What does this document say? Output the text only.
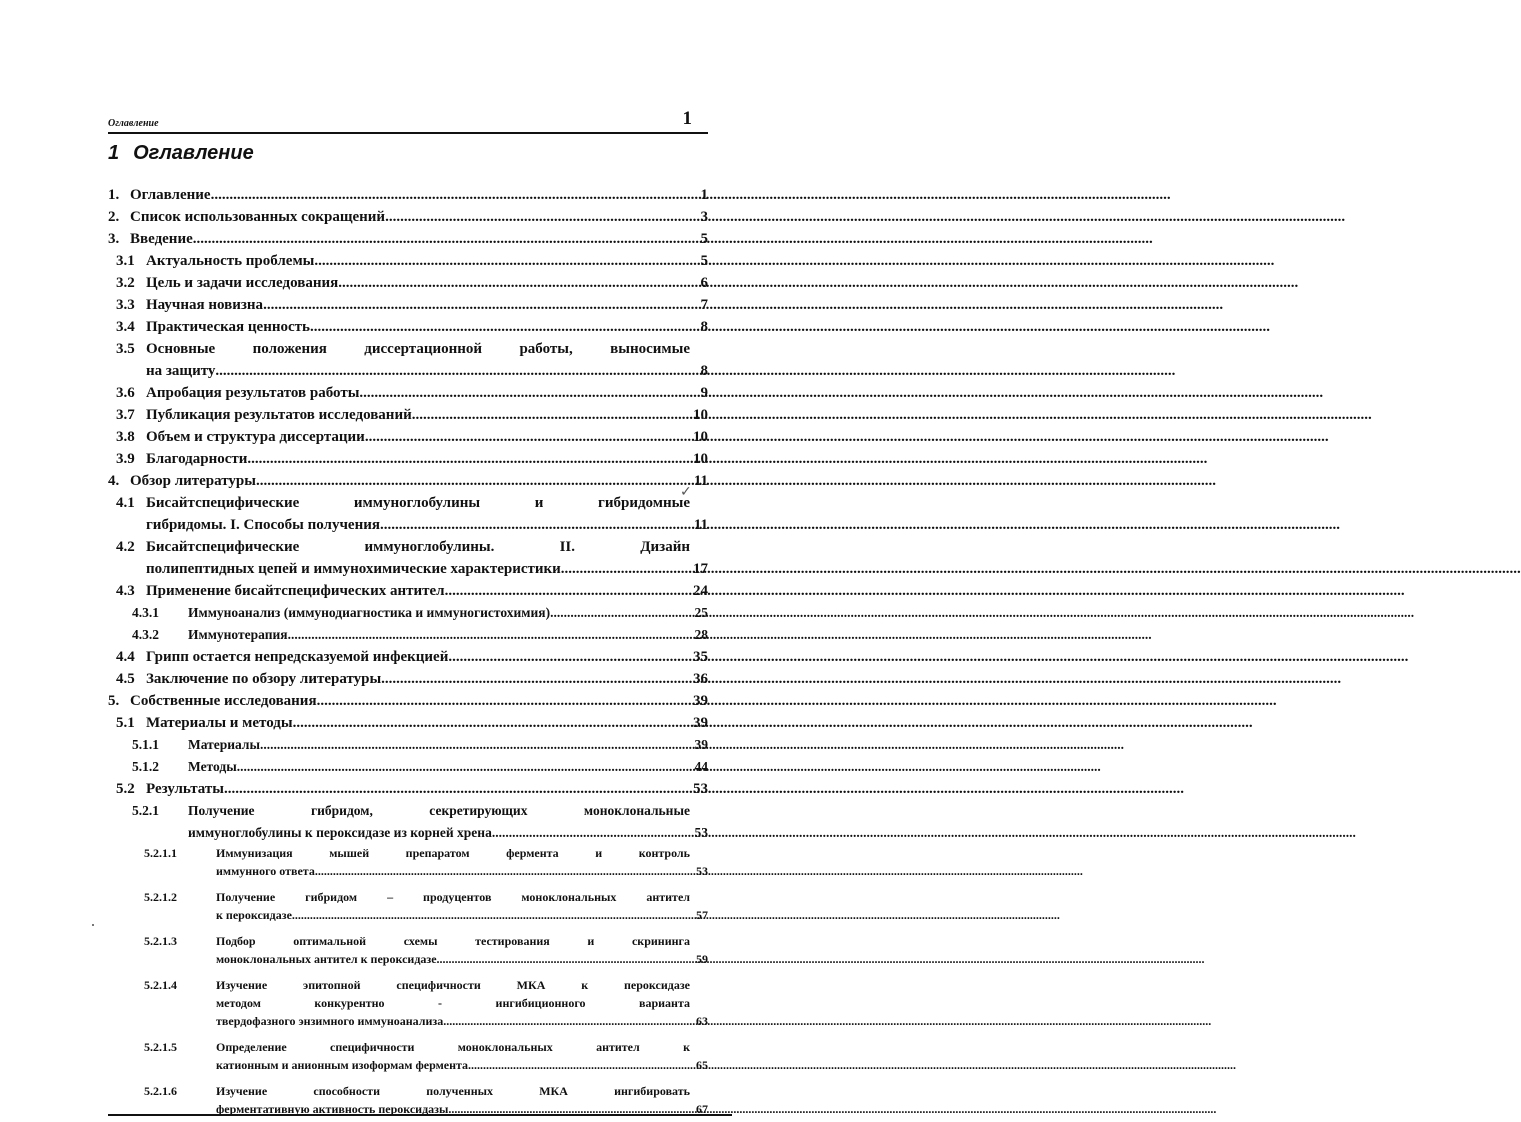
Оглавление	1
1 Оглавление
1. Оглавление .....	1
2. Список использованных сокращений .....	3
3. Введение .....	5
3.1 Актуальность проблемы .....	5
3.2 Цель и задачи исследования .....	6
3.3 Научная новизна .....	7
3.4 Практическая ценность .....	8
3.5 Основные положения диссертационной работы, выносимые
на защиту .....	8
3.6 Апробация результатов работы. .....	9
3.7 Публикация результатов исследований .....	10
3.8 Объем и структура диссертации. .....	10
3.9 Благодарности .....	10
4. Обзор литературы .....	11
4.1 Бисайтспецифические иммуноглобулины и гибридомные
гибридомы. I. Способы получения .....	11
4.2 Бисайтспецифические иммуноглобулины. II. Дизайн
полипептидных цепей и иммунохимические характеристики .....	17
4.3 Применение бисайтспецифических антител .....	24
4.3.1 Иммуноанализ (иммунодиагностика и иммуногистохимия) .....	25
4.3.2 Иммунотерапия .....	28
4.4 Грипп остается непредсказуемой инфекцией .....	35
4.5 Заключение по обзору литературы .....	36
5. Собственные исследования .....	39
5.1 Материалы и методы .....	39
5.1.1 Материалы .....	39
5.1.2 Методы .....	44
5.2 Результаты .....	53
5.2.1 Получение гибридом, секретирующих моноклональные
иммуноглобулины к пероксидазе из корней хрена .....	53
5.2.1.1	Иммунизация мышей препаратом фермента и контроль
иммунного ответа .....	53
5.2.1.2	Получение гибридом – продуцентов моноклональных антител
к пероксидазе .....	57
5.2.1.3	Подбор оптимальной схемы тестирования и скрининга
моноклональных антител к пероксидазе .....	59
5.2.1.4	Изучение эпитопной специфичности МКА к пероксидазе
методом конкурентно - ингибиционного варианта
твердофазного энзимного иммуноанализа .....	63
5.2.1.5	Определение специфичности моноклональных антител к
катионным и анионным изоформам фермента .....	65
5.2.1.6	Изучение способности полученных МКА ингибировать
ферментативную активность пероксидазы .....	67
✓
